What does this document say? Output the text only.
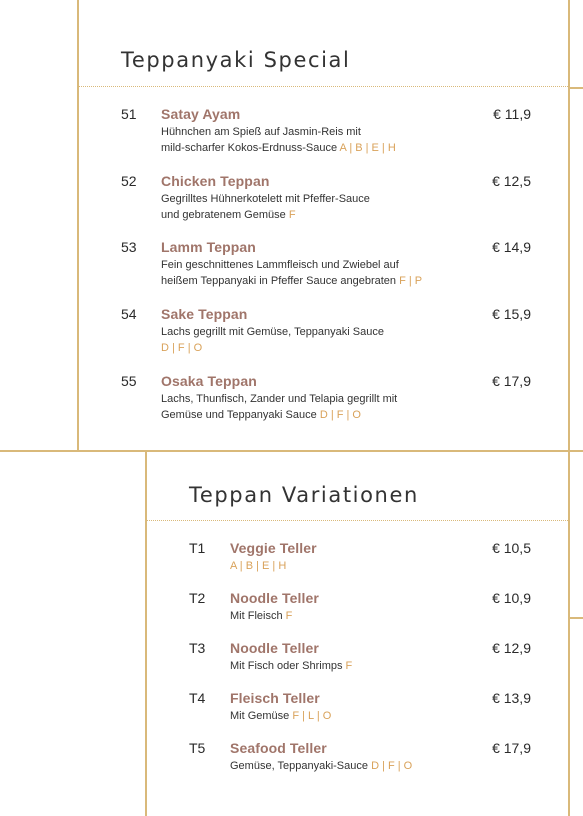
Teppanyaki Special
51 Satay Ayam	€ 11,9
Hühnchen am Spieß auf Jasmin-Reis mit
mild-scharfer Kokos-Erdnuss-Sauce A | B | E | H
52 Chicken Teppan	€ 12,5
Gegrilltes Hühnerkotelett mit Pfeffer-Sauce
und gebratenem Gemüse F
53 Lamm Teppan	€ 14,9
Fein geschnittenes Lammfleisch und Zwiebel auf
heißem Teppanyaki in Pfeffer Sauce angebraten F | P
54 Sake Teppan	€ 15,9
Lachs gegrillt mit Gemüse, Teppanyaki Sauce
D | F | O
55 Osaka Teppan	€ 17,9
Lachs, Thunfisch, Zander und Telapia gegrillt mit
Gemüse und Teppanyaki Sauce D | F | O
Teppan Variationen
T1 Veggie Teller	€ 10,5
A | B | E | H
T2 Noodle Teller	€ 10,9
Mit Fleisch F
T3 Noodle Teller	€ 12,9
Mit Fisch oder Shrimps F
T4 Fleisch Teller	€ 13,9
Mit Gemüse F | L | O
T5 Seafood Teller	€ 17,9
Gemüse, Teppanyaki-Sauce D | F | O
